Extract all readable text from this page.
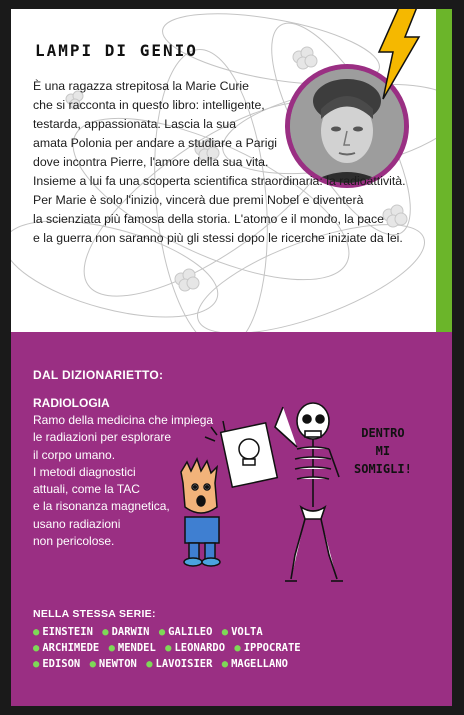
LAMPI DI GENIO
È una ragazza strepitosa la Marie Curie
che si racconta in questo libro: intelligente,
testarda, appassionata. Lascia la sua
amata Polonia per andare a studiare a Parigi
dove incontra Pierre, l'amore della sua vita.
Insieme a lui fa una scoperta scientifica straordinaria: la radioattività.
Per Marie è solo l'inizio, vincerà due premi Nobel e diventerà
la scienziata più famosa della storia. L'atomo e il mondo, la pace
e la guerra non saranno più gli stessi dopo le ricerche iniziate da lei.
DAL DIZIONARIETTO:
RADIOLOGIA
Ramo della medicina che impiega
le radiazioni per esplorare
il corpo umano.
I metodi diagnostici
attuali, come la TAC
e la risonanza magnetica,
usano radiazioni
non pericolose.
DENTRO
MI
SOMIGLI!
NELLA STESSA SERIE:
● EINSTEIN ● DARWIN ● GALILEO ● VOLTA
● ARCHIMEDE ● MENDEL ● LEONARDO ● IPPOCRATE
● EDISON ● NEWTON ● LAVOISIER ● MAGELLANO
